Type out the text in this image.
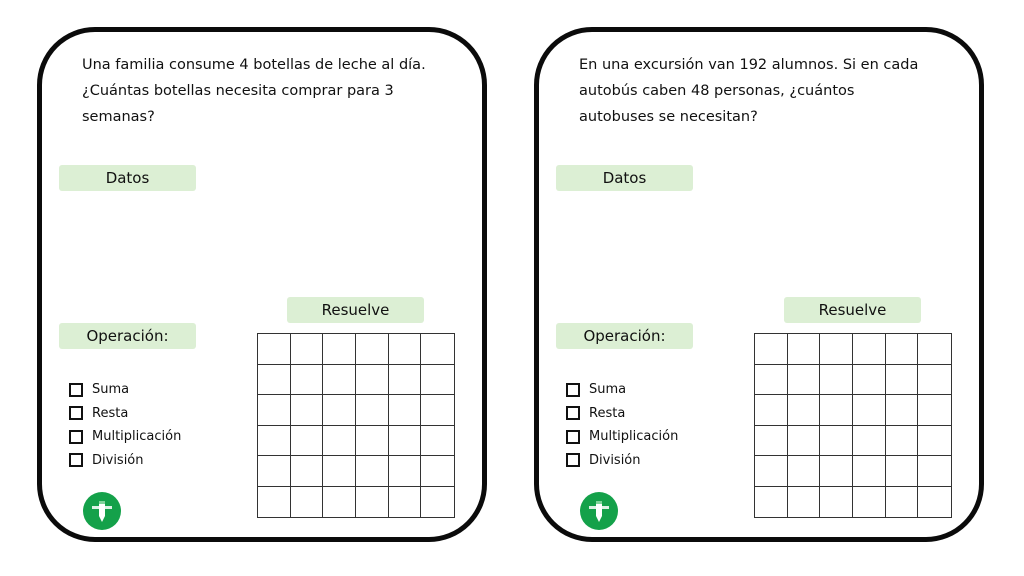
Una familia consume 4 botellas de leche al día. ¿Cuántas botellas necesita comprar para 3 semanas?

Datos
Resuelve
Operación:
Suma
Resta
Multiplicación
División

En una excursión van 192 alumnos. Si en cada autobús caben 48 personas, ¿cuántos autobuses se necesitan?

Datos
Resuelve
Operación:
Suma
Resta
Multiplicación
División
